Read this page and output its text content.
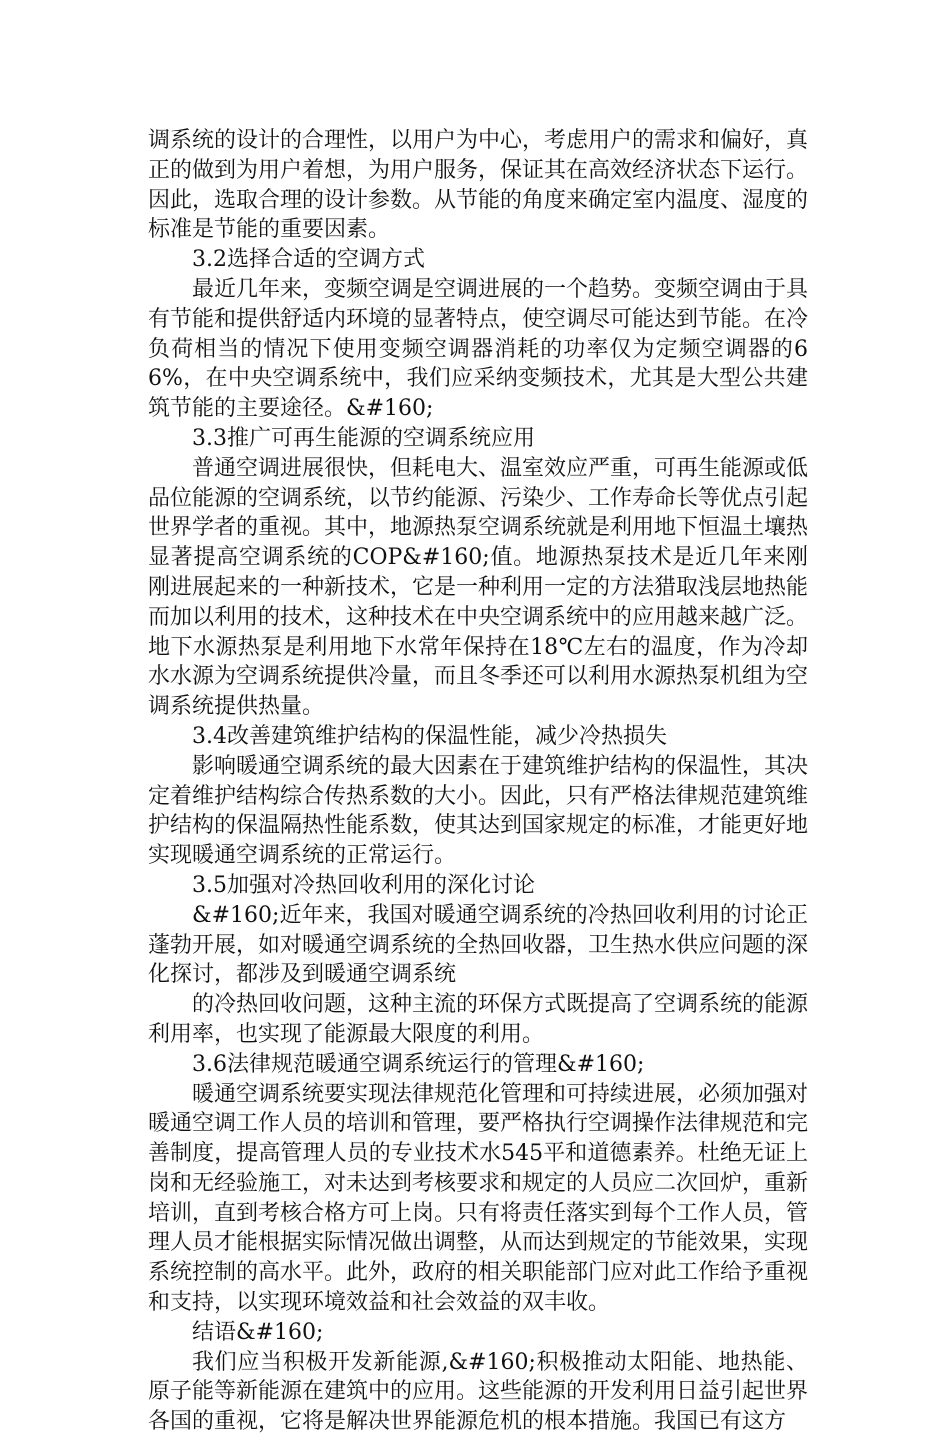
调系统的设计的合理性，以用户为中心，考虑用户的需求和偏好，真正的做到为用户着想，为用户服务，保证其在高效经济状态下运行。因此，选取合理的设计参数。从节能的角度来确定室内温度、湿度的标准是节能的重要因素。

3.2选择合适的空调方式

最近几年来，变频空调是空调进展的一个趋势。变频空调由于具有节能和提供舒适内环境的显著特点，使空调尽可能达到节能。在冷负荷相当的情况下使用变频空调器消耗的功率仅为定频空调器的66%，在中央空调系统中，我们应采纳变频技术，尤其是大型公共建筑节能的主要途径。&#160;

3.3推广可再生能源的空调系统应用

普通空调进展很快，但耗电大、温室效应严重，可再生能源或低品位能源的空调系统，以节约能源、污染少、工作寿命长等优点引起世界学者的重视。其中，地源热泵空调系统就是利用地下恒温土壤热显著提高空调系统的COP&#160;值。地源热泵技术是近几年来刚刚进展起来的一种新技术，它是一种利用一定的方法猎取浅层地热能而加以利用的技术，这种技术在中央空调系统中的应用越来越广泛。地下水源热泵是利用地下水常年保持在18℃左右的温度，作为冷却水水源为空调系统提供冷量，而且冬季还可以利用水源热泵机组为空调系统提供热量。

3.4改善建筑维护结构的保温性能，减少冷热损失

影响暖通空调系统的最大因素在于建筑维护结构的保温性，其决定着维护结构综合传热系数的大小。因此，只有严格法律规范建筑维护结构的保温隔热性能系数，使其达到国家规定的标准，才能更好地实现暖通空调系统的正常运行。

3.5加强对冷热回收利用的深化讨论

&#160;近年来，我国对暖通空调系统的冷热回收利用的讨论正蓬勃开展，如对暖通空调系统的全热回收器，卫生热水供应问题的深化探讨，都涉及到暖通空调系统

的冷热回收问题，这种主流的环保方式既提高了空调系统的能源利用率，也实现了能源最大限度的利用。

3.6法律规范暖通空调系统运行的管理&#160;

暖通空调系统要实现法律规范化管理和可持续进展，必须加强对暖通空调工作人员的培训和管理，要严格执行空调操作法律规范和完善制度，提高管理人员的专业技术水545平和道德素养。杜绝无证上岗和无经验施工，对未达到考核要求和规定的人员应二次回炉，重新培训，直到考核合格方可上岗。只有将责任落实到每个工作人员，管理人员才能根据实际情况做出调整，从而达到规定的节能效果，实现系统控制的高水平。此外，政府的相关职能部门应对此工作给予重视和支持，以实现环境效益和社会效益的双丰收。

结语&#160;

我们应当积极开发新能源,&#160;积极推动太阳能、地热能、原子能等新能源在建筑中的应用。这些能源的开发利用日益引起世界各国的重视，它将是解决世界能源危机的根本措施。我国已有这方
